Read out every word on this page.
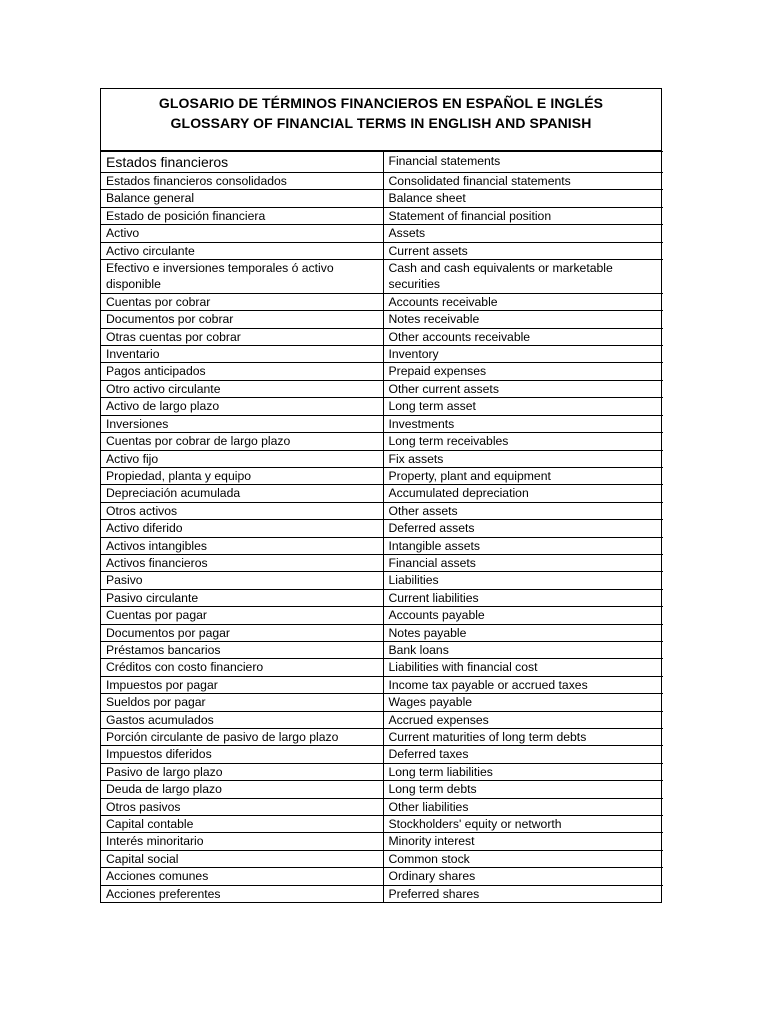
GLOSARIO DE TÉRMINOS FINANCIEROS EN ESPAÑOL E INGLÉS
GLOSSARY OF FINANCIAL TERMS IN ENGLISH AND SPANISH
Estados financieros	Financial statements
Estados financieros consolidados	Consolidated financial statements
Balance general	Balance sheet
Estado de posición financiera	Statement of financial position
Activo	Assets
Activo circulante	Current assets
Efectivo e inversiones temporales ó activo disponible	Cash and cash equivalents or marketable securities
Cuentas por cobrar	Accounts receivable
Documentos por cobrar	Notes receivable
Otras cuentas por cobrar	Other accounts receivable
Inventario	Inventory
Pagos anticipados	Prepaid expenses
Otro activo circulante	Other current assets
Activo de largo plazo	Long term asset
Inversiones	Investments
Cuentas por cobrar de largo plazo	Long term receivables
Activo fijo	Fix assets
Propiedad, planta y equipo	Property, plant and equipment
Depreciación acumulada	Accumulated depreciation
Otros activos	Other assets
Activo diferido	Deferred assets
Activos intangibles	Intangible assets
Activos financieros	Financial assets
Pasivo	Liabilities
Pasivo circulante	Current liabilities
Cuentas por pagar	Accounts payable
Documentos por pagar	Notes payable
Préstamos bancarios	Bank loans
Créditos con costo financiero	Liabilities with financial cost
Impuestos por pagar	Income tax payable or accrued taxes
Sueldos por pagar	Wages payable
Gastos acumulados	Accrued expenses
Porción circulante de pasivo de largo plazo	Current maturities of long term debts
Impuestos diferidos	Deferred taxes
Pasivo de largo plazo	Long term liabilities
Deuda de largo plazo	Long term debts
Otros pasivos	Other liabilities
Capital contable	Stockholders' equity or networth
Interés minoritario	Minority interest
Capital social	Common stock
Acciones comunes	Ordinary shares
Acciones preferentes	Preferred shares
